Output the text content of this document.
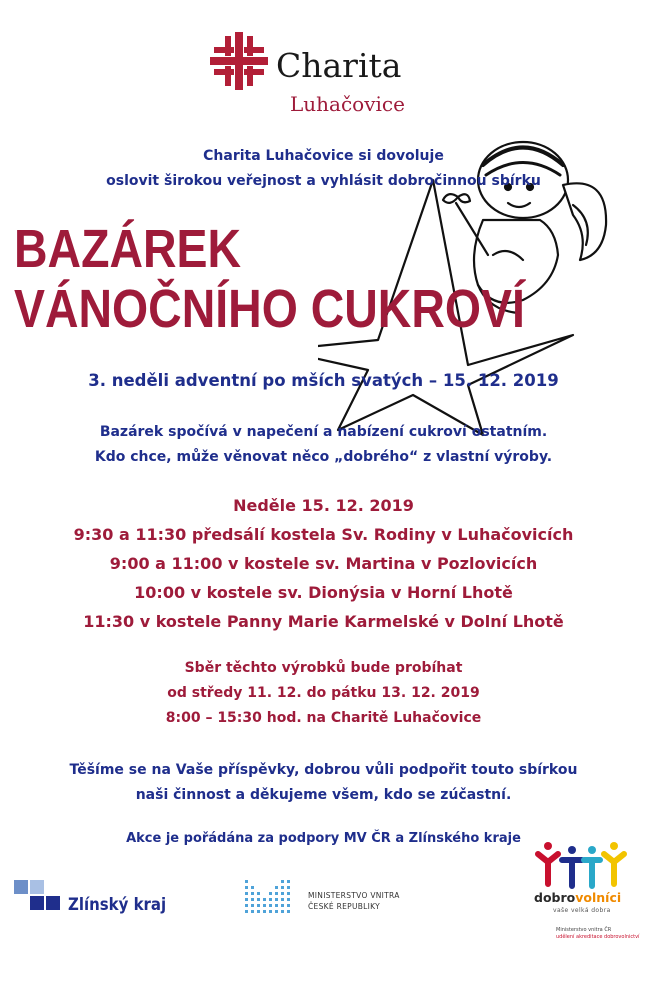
Charita
Luhačovice
Charita Luhačovice si dovoluje
oslovit širokou veřejnost a vyhlásit dobročinnou sbírku
BAZÁREK
VÁNOČNÍHO CUKROVÍ
3. neděli adventní po mších svatých – 15. 12. 2019
Bazárek spočívá v napečení a nabízení cukroví ostatním.
Kdo chce, může věnovat něco „dobrého“ z vlastní výroby.
Neděle 15. 12. 2019
9:30 a 11:30 předsálí kostela Sv. Rodiny v Luhačovicích
9:00 a 11:00 v kostele sv. Martina v Pozlovicích
10:00 v kostele sv. Dionýsia v Horní Lhotě
11:30 v kostele Panny Marie Karmelské v Dolní Lhotě
Sběr těchto výrobků bude probíhat
od středy 11. 12. do pátku 13. 12. 2019
8:00 – 15:30 hod. na Charitě Luhačovice
Těšíme se na Vaše příspěvky, dobrou vůli podpořit touto sbírkou
naši činnost a děkujeme všem, kdo se zúčastní.
Akce je pořádána za podpory MV ČR a Zlínského kraje
Zlínský kraj	MINISTERSTVO VNITRA
ČESKÉ REPUBLIKY
dobrovolníci
vaše velká dobra
Ministerstvo vnitra ČR
udělení akreditace dobrovolnictví
